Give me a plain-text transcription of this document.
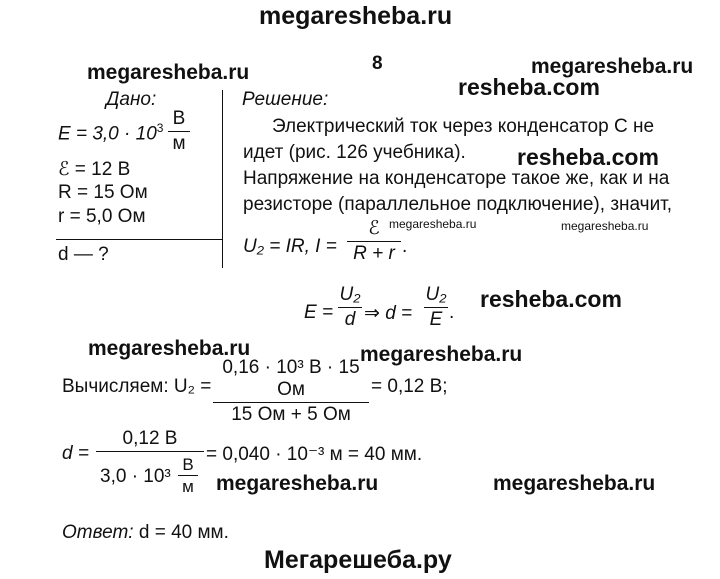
megaresheba.ru
megaresheba.ru	megaresheba.ru
resheba.com
resheba.com
megaresheba.ru	megaresheba.ru
resheba.com
megaresheba.ru	megaresheba.ru
megaresheba.ru	megaresheba.ru
Мегарешеба.ру
8
Дано:
$E = 3,0 \cdot 10^3$ В
м
ℰ = 12 В
R = 15 Ом
r = 5,0 Ом
d — ?
Решение:
Электрический ток через конденсатор C не
идет (рис. 126 учебника).
Напряжение на конденсаторе такое же, как и на
резисторе (параллельное подключение), значит,
U₂ = IR, I =
ℰ
R + r .
E =
U₂
d ⇒ d =
U₂
E .
Вычисляем: U₂ =
0,16 · 10³ В · 15 Ом
15 Ом + 5 Ом
= 0,12 В;
d =
0,12 В
3,0 · 10³
В
м
= 0,040 · 10⁻³ м = 40 мм.
Ответ: d = 40 мм.
